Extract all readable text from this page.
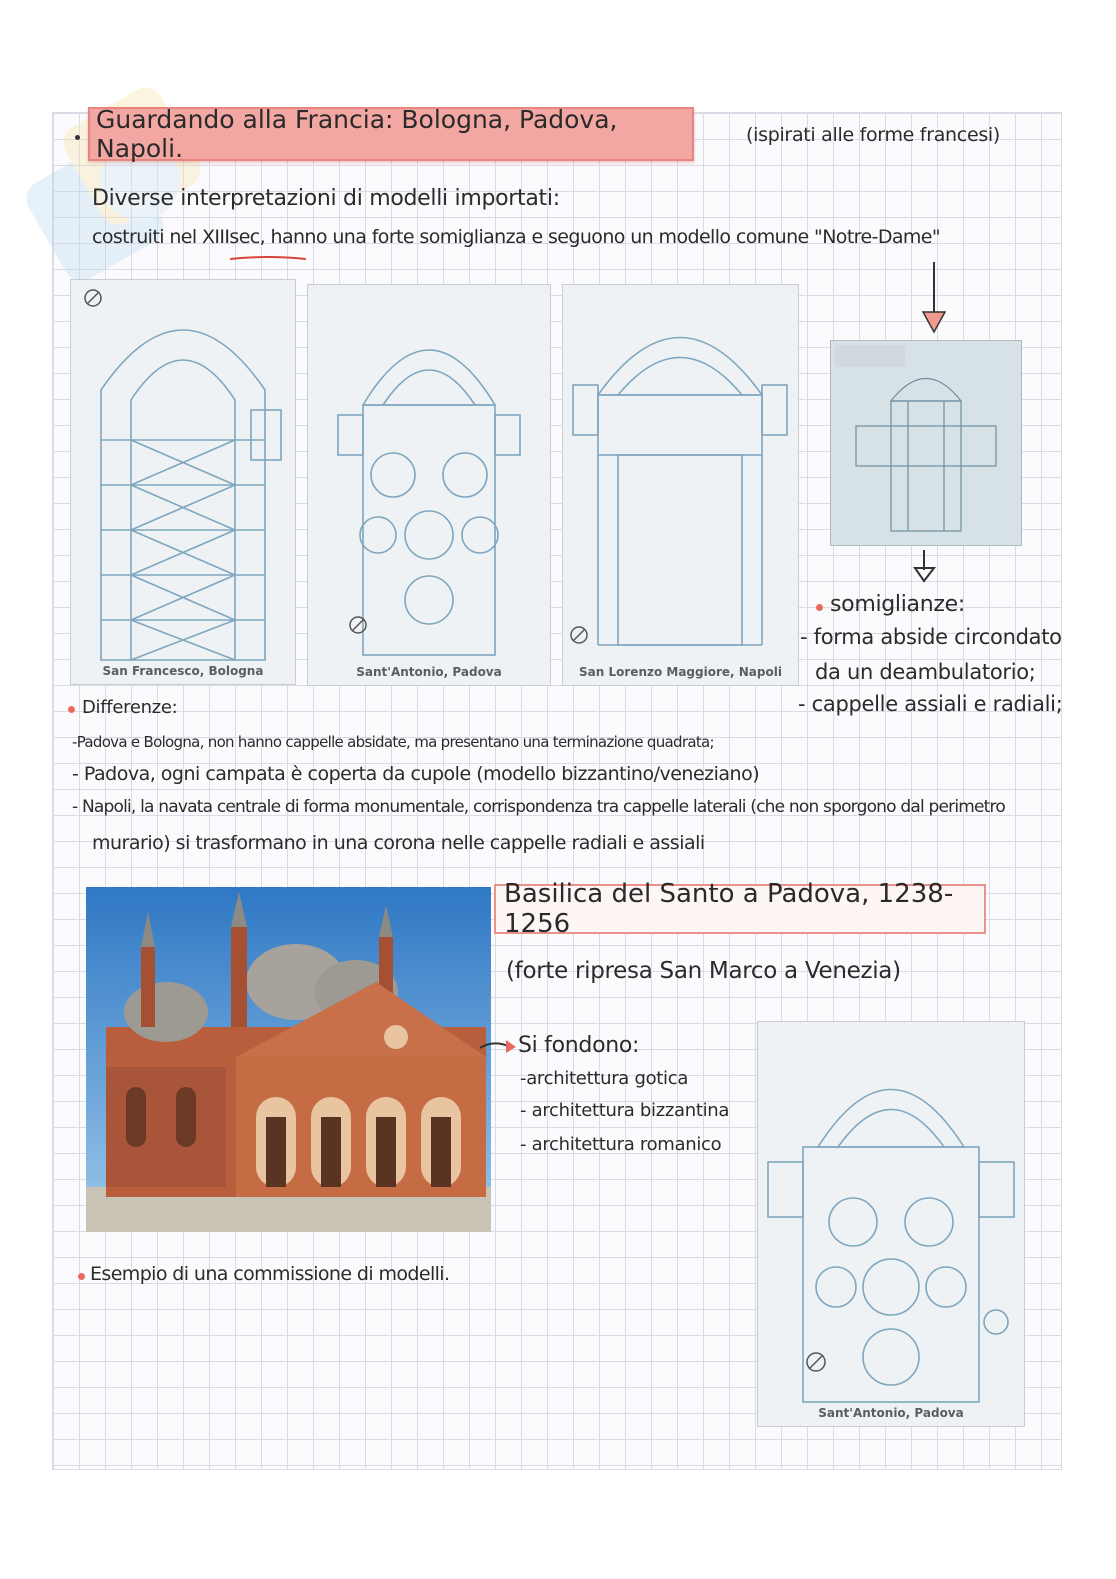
Guardando alla Francia: Bologna, Padova, Napoli.	(ispirati alle forme francesi)
Diverse interpretazioni di modelli importati:
costruiti nel XIIIsec, hanno una forte somiglianza e seguono un modello comune "Notre-Dame"
San Francesco, Bologna	Sant'Antonio, Padova	San Lorenzo Maggiore, Napoli
somiglianze:
- forma abside circondato
da un deambulatorio;
- cappelle assiali e radiali;
Differenze:
-Padova e Bologna, non hanno cappelle absidate, ma presentano una terminazione quadrata;
- Padova, ogni campata è coperta da cupole (modello bizzantino/veneziano)
- Napoli, la navata centrale di forma monumentale, corrispondenza tra cappelle laterali (che non sporgono dal perimetro
murario) si trasformano in una corona nelle cappelle radiali e assiali
Basilica del Santo a Padova, 1238-1256
(forte ripresa San Marco a Venezia)
Si fondono:
-architettura gotica
- architettura bizzantina
- architettura romanico
Esempio di una commissione di modelli.
Sant'Antonio, Padova
